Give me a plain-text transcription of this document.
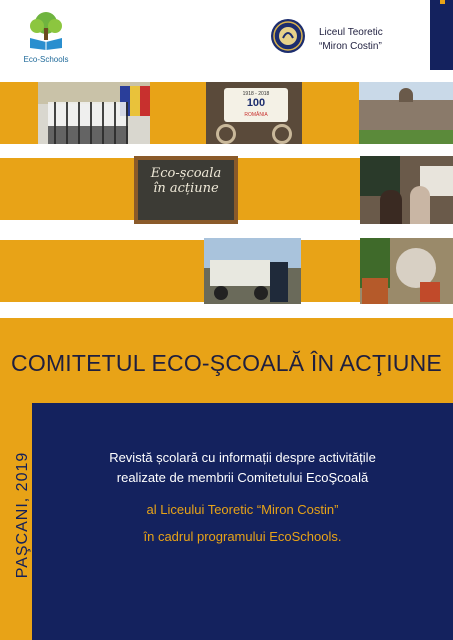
Eco-Schools
Liceul Teoretic
“Miron Costin”
1918 - 2018
100
ROMÂNIA
Eco-școala în acțiune
COMITETUL ECO-ŞCOALĂ ÎN ACŢIUNE
PAŞCANI, 2019	Revistă școlară cu informații despre activitățile
realizate de membrii Comitetului EcoŞcoală
al Liceului Teoretic “Miron Costin”
în cadrul programului EcoSchools.
